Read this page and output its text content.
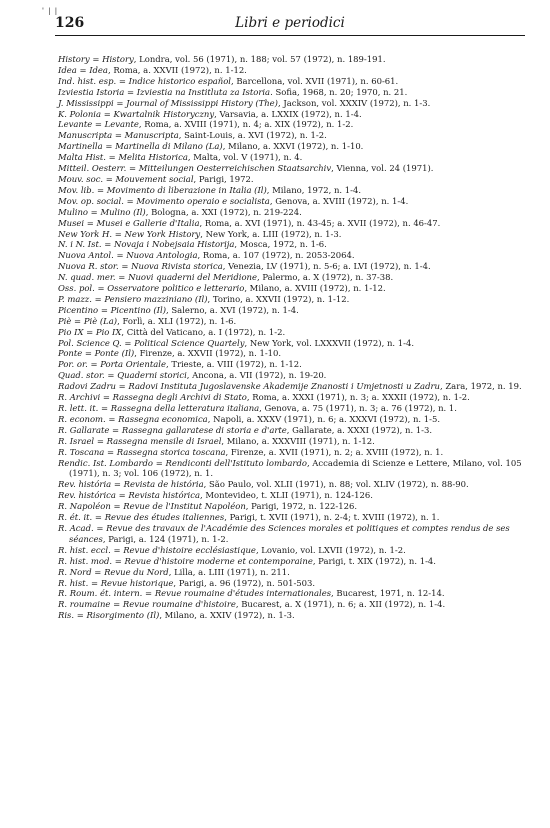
' | |
126	Libri e periodici
History = History, Londra, vol. 56 (1971), n. 188; vol. 57 (1972), n. 189-191.
Idea = Idea, Roma, a. XXVII (1972), n. 1-12.
Ind. hist. esp. = Indice historico español, Barcellona, vol. XVII (1971), n. 60-61.
Izviestia Istoria = Izviestia na Institluta za Istoria. Sofia, 1968, n. 20; 1970, n. 21.
J. Mississippi = Journal of Mississippi History (The), Jackson, vol. XXXIV (1972), n. 1-3.
K. Polonia = Kwartalnik Historyczny, Varsavia, a. LXXIX (1972), n. 1-4.
Levante = Levante, Roma, a. XVIII (1971), n. 4; a. XIX (1972), n. 1-2.
Manuscripta = Manuscripta, Saint-Louis, a. XVI (1972), n. 1-2.
Martinella = Martinella di Milano (La), Milano, a. XXVI (1972), n. 1-10.
Malta Hist. = Melita Historica, Malta, vol. V (1971), n. 4.
Mitteil. Oesterr. = Mitteilungen Oesterreichischen Staatsarchiv, Vienna, vol. 24 (1971).
Mouv. soc. = Mouvement social, Parigi, 1972.
Mov. lib. = Movimento di liberazione in Italia (Il), Milano, 1972, n. 1-4.
Mov. op. social. = Movimento operaio e socialista, Genova, a. XVIII (1972), n. 1-4.
Mulino = Mulino (Il), Bologna, a. XXI (1972), n. 219-224.
Musei = Musei e Gallerie d'Italia, Roma, a. XVI (1971), n. 43-45; a. XVII (1972), n. 46-47.
New York H. = New York History, New York, a. LIII (1972), n. 1-3.
N. i N. Ist. = Novaja i Nobejsaia Historija, Mosca, 1972, n. 1-6.
Nuova Antol. = Nuova Antologia, Roma, a. 107 (1972), n. 2053-2064.
Nuova R. stor. = Nuova Rivista storica, Venezia, LV (1971), n. 5-6; a. LVI (1972), n. 1-4.
N. quad. mer. = Nuovi quaderni del Meridione, Palermo, a. X (1972), n. 37-38.
Oss. pol. = Osservatore politico e letterario, Milano, a. XVIII (1972), n. 1-12.
P. mazz. = Pensiero mazziniano (Il), Torino, a. XXVII (1972), n. 1-12.
Picentino = Picentino (Il), Salerno, a. XVI (1972), n. 1-4.
Piè = Piè (La), Forlì, a. XLI (1972), n. 1-6.
Pio IX = Pio IX, Città del Vaticano, a. I (1972), n. 1-2.
Pol. Science Q. = Political Science Quartely, New York, vol. LXXXVII (1972), n. 1-4.
Ponte = Ponte (Il), Firenze, a. XXVII (1972), n. 1-10.
Por. or. = Porta Orientale, Trieste, a. VIII (1972), n. 1-12.
Quad. stor. = Quaderni storici, Ancona, a. VII (1972), n. 19-20.
Radovi Zadru = Radovi Instituta Jugoslavenske Akademije Znanosti i Umjetnosti u Zadru, Zara, 1972, n. 19.
R. Archivi = Rassegna degli Archivi di Stato, Roma, a. XXXI (1971), n. 3; a. XXXII (1972), n. 1-2.
R. lett. it. = Rassegna della letteratura italiana, Genova, a. 75 (1971), n. 3; a. 76 (1972), n. 1.
R. econom. = Rassegna economica, Napoli, a. XXXV (1971), n. 6; a. XXXVI (1972), n. 1-5.
R. Gallarate = Rassegna gallaratese di storia e d'arte, Gallarate, a. XXXI (1972), n. 1-3.
R. Israel = Rassegna mensile di Israel, Milano, a. XXXVIII (1971), n. 1-12.
R. Toscana = Rassegna storica toscana, Firenze, a. XVII (1971), n. 2; a. XVIII (1972), n. 1.
Rendic. Ist. Lombardo = Rendiconti dell'Istituto lombardo, Accademia di Scienze e Lettere, Milano, vol. 105 (1971), n. 3; vol. 106 (1972), n. 1.
Rev. história = Revista de história, São Paulo, vol. XLII (1971), n. 88; vol. XLIV (1972), n. 88-90.
Rev. histórica = Revista histórica, Montevideo, t. XLII (1971), n. 124-126.
R. Napoléon = Revue de l'Institut Napoléon, Parigi, 1972, n. 122-126.
R. ét. it. = Revue des études italiennes, Parigi, t. XVII (1971), n. 2-4; t. XVIII (1972), n. 1.
R. Acad. = Revue des travaux de l'Académie des Sciences morales et politiques et comptes rendus de ses séances, Parigi, a. 124 (1971), n. 1-2.
R. hist. eccl. = Revue d'histoire ecclésiastique, Lovanio, vol. LXVII (1972), n. 1-2.
R. hist. mod. = Revue d'histoire moderne et contemporaine, Parigi, t. XIX (1972), n. 1-4.
R. Nord = Revue du Nord, Lilla, a. LIII (1971), n. 211.
R. hist. = Revue historique, Parigi, a. 96 (1972), n. 501-503.
R. Roum. ét. intern. = Revue roumaine d'études internationales, Bucarest, 1971, n. 12-14.
R. roumaine = Revue roumaine d'histoire, Bucarest, a. X (1971), n. 6; a. XII (1972), n. 1-4.
Ris. = Risorgimento (Il), Milano, a. XXIV (1972), n. 1-3.
